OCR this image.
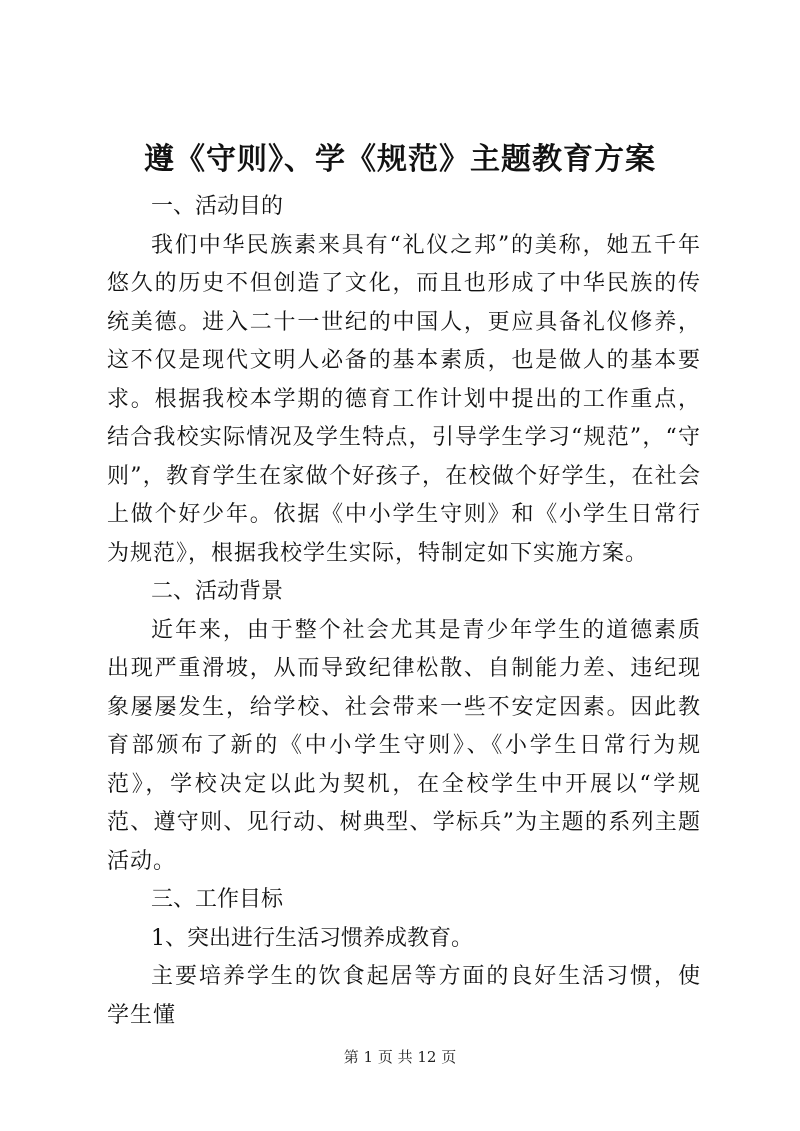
遵《守则》、学《规范》主题教育方案

一、活动目的

我们中华民族素来具有“礼仪之邦”的美称，她五千年悠久的历史不但创造了文化，而且也形成了中华民族的传统美德。进入二十一世纪的中国人，更应具备礼仪修养，这不仅是现代文明人必备的基本素质，也是做人的基本要求。根据我校本学期的德育工作计划中提出的工作重点，结合我校实际情况及学生特点，引导学生学习“规范”，“守则”，教育学生在家做个好孩子，在校做个好学生，在社会上做个好少年。依据《中小学生守则》和《小学生日常行为规范》，根据我校学生实际，特制定如下实施方案。

二、活动背景

近年来，由于整个社会尤其是青少年学生的道德素质出现严重滑坡，从而导致纪律松散、自制能力差、违纪现象屡屡发生，给学校、社会带来一些不安定因素。因此教育部颁布了新的《中小学生守则》、《小学生日常行为规范》，学校决定以此为契机，在全校学生中开展以“学规范、遵守则、见行动、树典型、学标兵”为主题的系列主题活动。

三、工作目标

1、突出进行生活习惯养成教育。

主要培养学生的饮食起居等方面的良好生活习惯，使学生懂

第 1 页 共 12 页
